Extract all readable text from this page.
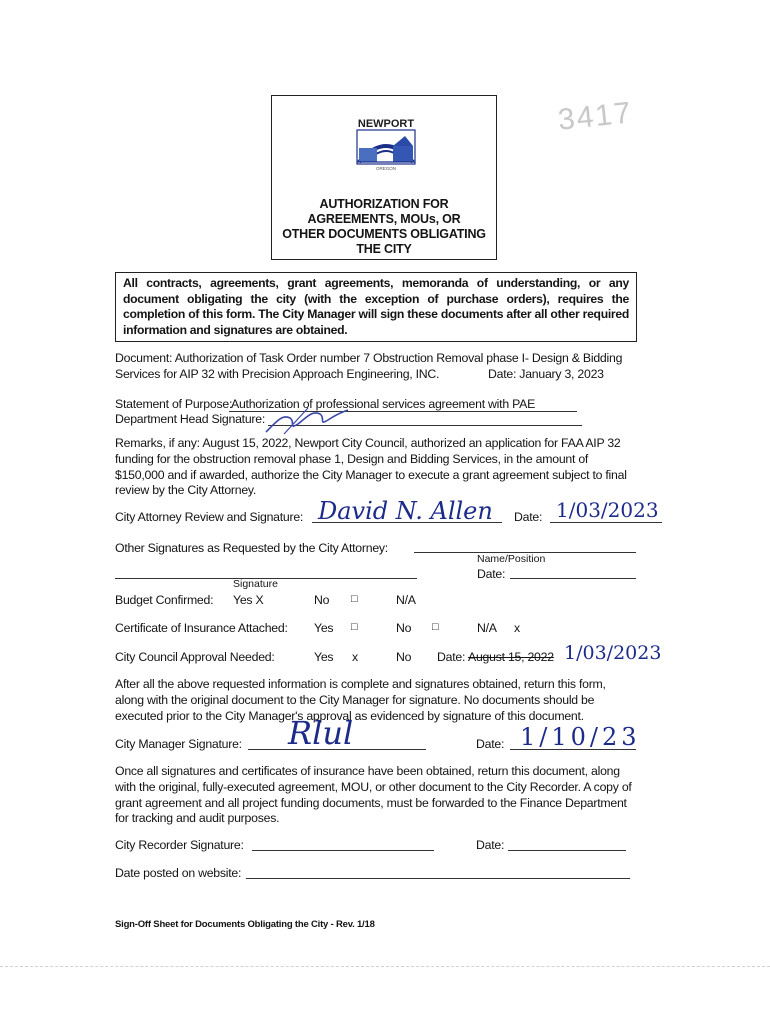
NEWPORT
OREGON
AUTHORIZATION FOR
AGREEMENTS, MOUs, OR
OTHER DOCUMENTS OBLIGATING
THE CITY
3417
All contracts, agreements, grant agreements, memoranda of understanding, or any document obligating the city (with the exception of purchase orders), requires the completion of this form. The City Manager will sign these documents after all other required information and signatures are obtained.
Document: Authorization of Task Order number 7 Obstruction Removal phase I- Design & Bidding
Services for AIP 32 with Precision Approach Engineering, INC.	Date: January 3, 2023
Statement of Purpose:
Authorization of professional services agreement with PAE
Department Head Signature:
Remarks, if any: August 15, 2022, Newport City Council, authorized an application for FAA AIP 32 funding for the obstruction removal phase 1, Design and Bidding Services, in the amount of $150,000 and if awarded, authorize the City Manager to execute a grant agreement subject to final review by the City Attorney.
City Attorney Review and Signature: David N. Allen Date: 1/03/2023
Other Signatures as Requested by the City Attorney:
Name/Position
Date:
Signature
Budget Confirmed: Yes X	No □	N/A
Certificate of Insurance Attached: Yes □	No □	N/A x
City Council Approval Needed:	Yes x	No Date: August 15, 2022 1/03/2023
After all the above requested information is complete and signatures obtained, return this form, along with the original document to the City Manager for signature. No documents should be executed prior to the City Manager's approval as evidenced by signature of this document.
City Manager Signature: Rlul	Date: 1/10/23
Once all signatures and certificates of insurance have been obtained, return this document, along with the original, fully-executed agreement, MOU, or other document to the City Recorder. A copy of grant agreement and all project funding documents, must be forwarded to the Finance Department for tracking and audit purposes.
City Recorder Signature:	Date:
Date posted on website:
Sign-Off Sheet for Documents Obligating the City - Rev. 1/18
